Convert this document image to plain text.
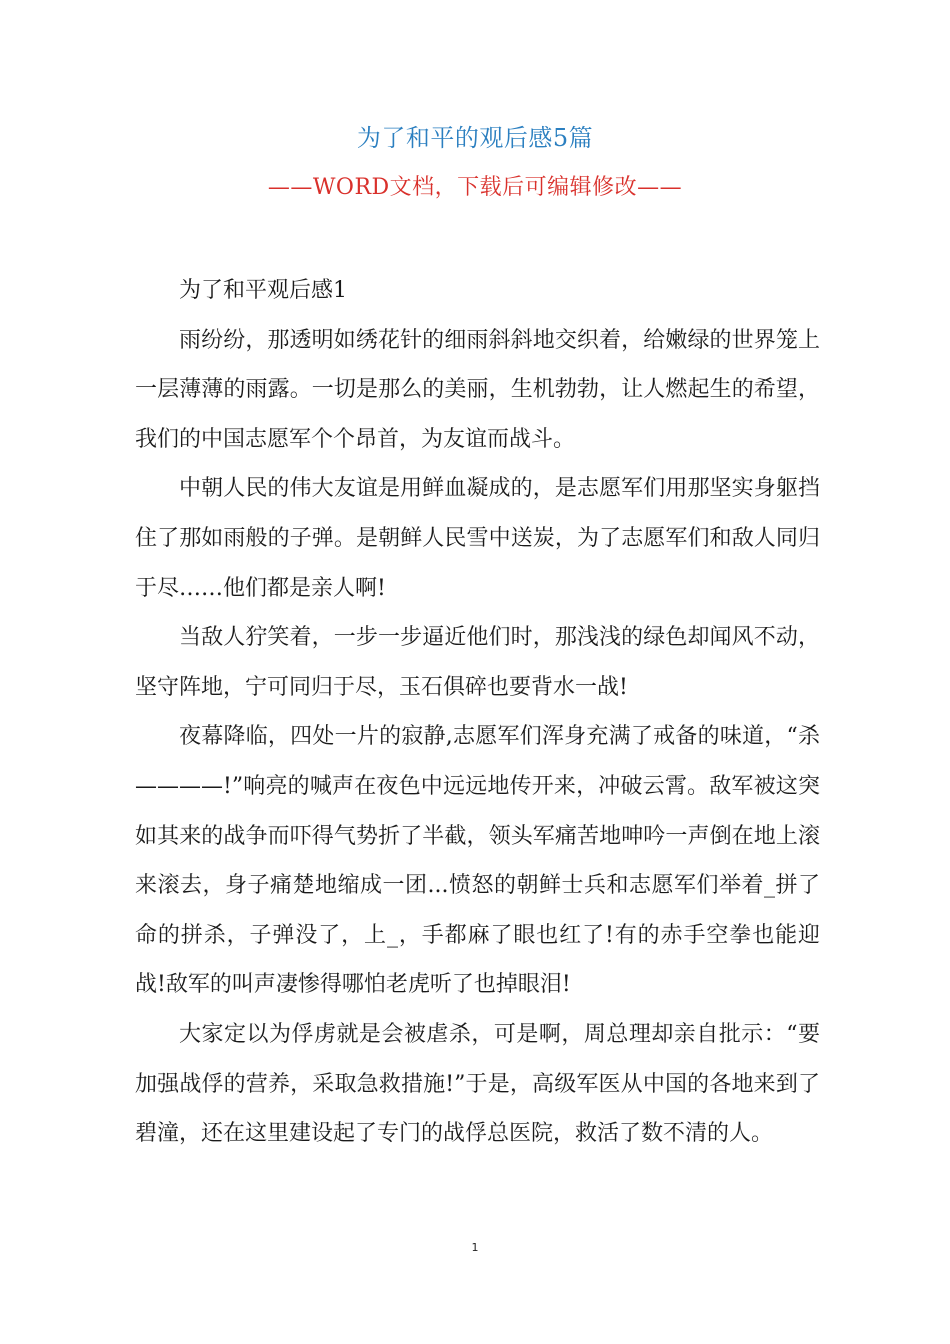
为了和平的观后感5篇
——WORD文档，下载后可编辑修改——

为了和平观后感1

雨纷纷，那透明如绣花针的细雨斜斜地交织着，给嫩绿的世界笼上一层薄薄的雨露。一切是那么的美丽，生机勃勃，让人燃起生的希望，我们的中国志愿军个个昂首，为友谊而战斗。

中朝人民的伟大友谊是用鲜血凝成的，是志愿军们用那坚实身躯挡住了那如雨般的子弹。是朝鲜人民雪中送炭，为了志愿军们和敌人同归于尽……他们都是亲人啊!

当敌人狞笑着，一步一步逼近他们时，那浅浅的绿色却闻风不动，坚守阵地，宁可同归于尽，玉石俱碎也要背水一战!

夜幕降临，四处一片的寂静,志愿军们浑身充满了戒备的味道，“杀————!”响亮的喊声在夜色中远远地传开来，冲破云霄。敌军被这突如其来的战争而吓得气势折了半截，领头军痛苦地呻吟一声倒在地上滚来滚去，身子痛楚地缩成一团...愤怒的朝鲜士兵和志愿军们举着_拼了命的拼杀，子弹没了，上_，手都麻了眼也红了!有的赤手空拳也能迎战!敌军的叫声凄惨得哪怕老虎听了也掉眼泪!

大家定以为俘虏就是会被虐杀，可是啊，周总理却亲自批示：“要加强战俘的营养，采取急救措施!”于是，高级军医从中国的各地来到了碧潼，还在这里建设起了专门的战俘总医院，救活了数不清的人。

1
